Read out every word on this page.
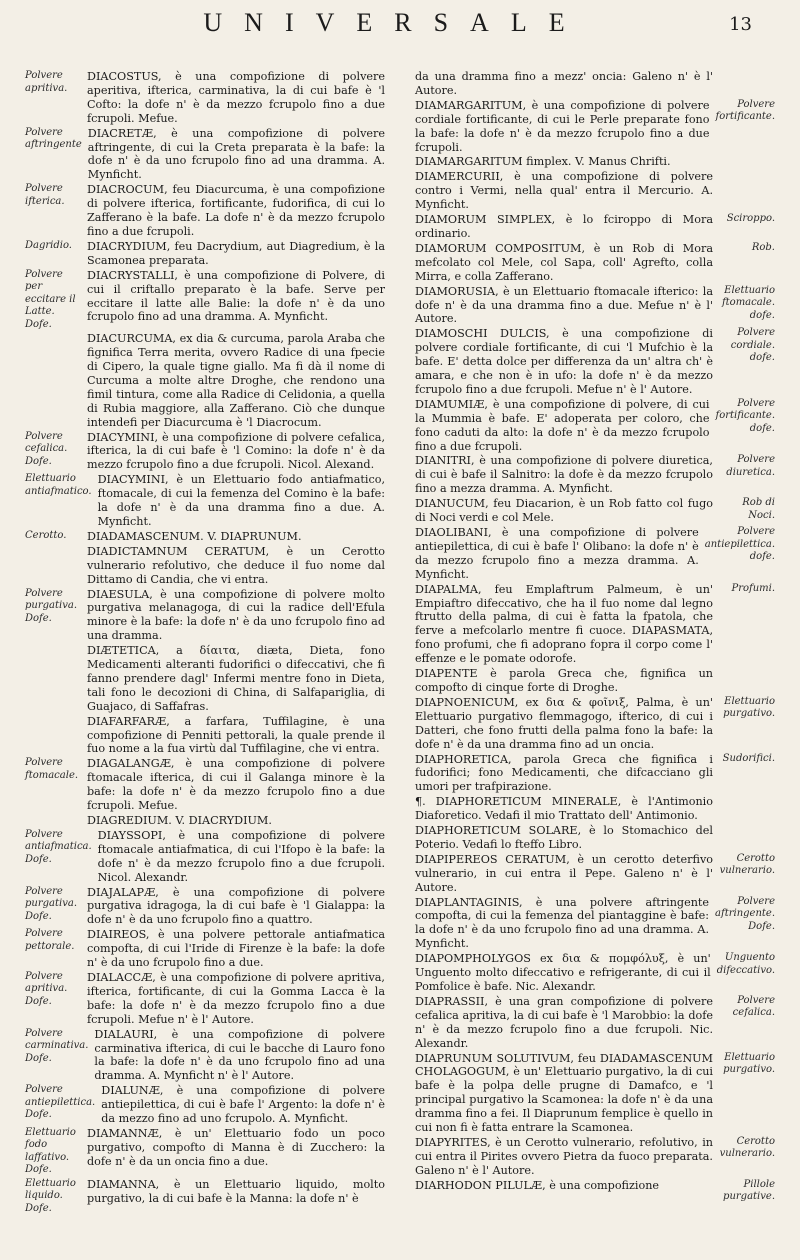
UNIVERSALE	13
Polvere apritiva.
DIACOSTUS, è una compofizione di polvere aperitiva, ifterica, carminativa, la di cui bafe è 'l Cofto: la dofe n' è da mezzo fcrupolo fino a due fcrupoli. Mefue.
Polvere aftringente
DIACRETÆ, è una compofizione di polvere aftringente, di cui la Creta preparata è la bafe: la dofe n' è da uno fcrupolo fino ad una dramma. A. Mynficht.
Polvere ifterica.
DIACROCUM, feu Diacurcuma, è una compofizione di polvere ifterica, fortificante, fudorifica, di cui lo Zafferano è la bafe. La dofe n' è da mezzo fcrupolo fino a due fcrupoli.
Dagridio.	DIACRYDIUM, feu Dacrydium, aut Diagredium, è la Scamonea preparata.
Polvere per eccitare il Latte. Dofe.
DIACRYSTALLI, è una compofizione di Polvere, di cui il criftallo preparato è la bafe. Serve per eccitare il latte alle Balie: la dofe n' è da uno fcrupolo fino ad una dramma. A. Mynficht.
DIACURCUMA, ex dia & curcuma, parola Araba che fignifica Terra merita, ovvero Radice di una fpecie di Cipero, la quale tigne giallo. Ma fi dà il nome di Curcuma a molte altre Droghe, che rendono una fimil tintura, come alla Radice di Celidonia, a quella di Rubia maggiore, alla Zafferano. Ciò che dunque intendefi per Diacurcuma è 'l Diacrocum.
Polvere cefalica. Dofe.
DIACYMINI, è una compofizione di polvere cefalica, ifterica, la di cui bafe è 'l Comino: la dofe n' è da mezzo fcrupolo fino a due fcrupoli. Nicol. Alexand.
Elettuario antiafmatico.
DIACYMINI, è un Elettuario fodo antiafmatico, ftomacale, di cui la femenza del Comino è la bafe: la dofe n' è da una dramma fino a due. A. Mynficht.
Cerotto.	DIADAMASCENUM. V. DIAPRUNUM.
DIADICTAMNUM CERATUM, è un Cerotto vulnerario refolutivo, che deduce il fuo nome dal Dittamo di Candia, che vi entra.
Polvere purgativa. Dofe.
DIAESULA, è una compofizione di polvere molto purgativa melanagoga, di cui la radice dell'Efula minore è la bafe: la dofe n' è da uno fcrupolo fino ad una dramma.
DIÆTETICA, a δίαιτα, diæta, Dieta, fono Medicamenti alteranti fudorifici o difeccativi, che fi fanno prendere dagl' Infermi mentre fono in Dieta, tali fono le decozioni di China, di Salfapariglia, di Guajaco, di Saffafras.
DIAFARFARÆ, a farfara, Tuffilagine, è una compofizione di Penniti pettorali, la quale prende il fuo nome a la fua virtù dal Tuffilagine, che vi entra.
Polvere ftomacale.
DIAGALANGÆ, è una compofizione di polvere ftomacale ifterica, di cui il Galanga minore è la bafe: la dofe n' è da mezzo fcrupolo fino a due fcrupoli. Mefue.
DIAGREDIUM. V. DIACRYDIUM.
Polvere antiafmatica. Dofe.
DIAYSSOPI, è una compofizione di polvere ftomacale antiafmatica, di cui l'Ifopo è la bafe: la dofe n' è da mezzo fcrupolo fino a due fcrupoli. Nicol. Alexandr.
Polvere purgativa. Dofe.
DIAJALAPÆ, è una compofizione di polvere purgativa idragoga, la di cui bafe è 'l Gialappa: la dofe n' è da uno fcrupolo fino a quattro.
Polvere pettorale.
DIAIREOS, è una polvere pettorale antiafmatica compofta, di cui l'Iride di Firenze è la bafe: la dofe n' è da uno fcrupolo fino a due.
Polvere apritiva. Dofe.
DIALACCÆ, è una compofizione di polvere apritiva, ifterica, fortificante, di cui la Gomma Lacca è la bafe: la dofe n' è da mezzo fcrupolo fino a due fcrupoli. Mefue n' è l' Autore.
Polvere carminativa. Dofe.
DIALAURI, è una compofizione di polvere carminativa ifterica, di cui le bacche di Lauro fono la bafe: la dofe n' è da uno fcrupolo fino ad una dramma. A. Mynficht n' è l' Autore.
Polvere antiepilettica. Dofe.
DIALUNÆ, è una compofizione di polvere antiepilettica, di cui è bafe l' Argento: la dofe n' è da mezzo fino ad uno fcrupolo. A. Mynficht.
Elettuario fodo laffativo. Dofe.
DIAMANNÆ, è un' Elettuario fodo un poco purgativo, compofto di Manna è di Zucchero: la dofe n' è da un oncia fino a due.
Elettuario liquido. Dofe.
DIAMANNA, è un Elettuario liquido, molto purgativo, la di cui bafe è la Manna: la dofe n' è
da una dramma fino a mezz' oncia: Galeno n' è l' Autore.
Polvere fortificante.
DIAMARGARITUM, è una compofizione di polvere cordiale fortificante, di cui le Perle preparate fono la bafe: la dofe n' è da mezzo fcrupolo fino a due fcrupoli.
DIAMARGARITUM fimplex. V. Manus Chrifti.
DIAMERCURII, è una compofizione di polvere contro i Vermi, nella qual' entra il Mercurio. A. Mynficht.
Sciroppo.
DIAMORUM SIMPLEX, è lo fciroppo di Mora ordinario.
Rob.
DIAMORUM COMPOSITUM, è un Rob di Mora mefcolato col Mele, col Sapa, coll' Agrefto, colla Mirra, e colla Zafferano.
Elettuario ftomacale. dofe.
DIAMORUSIA, è un Elettuario ftomacale ifterico: la dofe n' è da una dramma fino a due. Mefue n' è l' Autore.
Polvere cordiale. dofe.
DIAMOSCHI DULCIS, è una compofizione di polvere cordiale fortificante, di cui 'l Mufchio è la bafe. E' detta dolce per differenza da un' altra ch' è amara, e che non è in ufo: la dofe n' è da mezzo fcrupolo fino a due fcrupoli. Mefue n' è l' Autore.
Polvere fortificante. dofe.
DIAMUMIÆ, è una compofizione di polvere, di cui la Mummia è bafe. E' adoperata per coloro, che fono caduti da alto: la dofe n' è da mezzo fcrupolo fino a due fcrupoli.
Polvere diuretica.
DIANITRI, è una compofizione di polvere diuretica, di cui è bafe il Salnitro: la dofe è da mezzo fcrupolo fino a mezza dramma. A. Mynficht.
Rob di Noci.
DIANUCUM, feu Diacarion, è un Rob fatto col fugo di Noci verdi e col Mele.
Polvere antiepilettica. dofe.
DIAOLIBANI, è una compofizione di polvere antiepilettica, di cui è bafe l' Olibano: la dofe n' è da mezzo fcrupolo fino a mezza dramma. A. Mynficht.
Profumi.
DIAPALMA, feu Emplaftrum Palmeum, è un' Empiaftro difeccativo, che ha il fuo nome dal legno ftrutto della palma, di cui è fatta la fpatola, che ferve a mefcolarlo mentre fi cuoce. DIAPASMATA, fono profumi, che fi adoprano fopra il corpo come l' effenze e le pomate odorofe.
DIAPENTE è parola Greca che, fignifica un compofto di cinque forte di Droghe.
Elettuario purgativo.
DIAPNOENICUM, ex δια & φοῖνιξ, Palma, è un' Elettuario purgativo flemmagogo, ifterico, di cui i Datteri, che fono frutti della palma fono la bafe: la dofe n' è da una dramma fino ad un oncia.
Sudorifici.
DIAPHORETICA, parola Greca che fignifica i fudorifici; fono Medicamenti, che difcacciano gli umori per trafpirazione.
¶. DIAPHORETICUM MINERALE, è l'Antimonio Diaforetico. Vedafi il mio Trattato dell' Antimonio.
DIAPHORETICUM SOLARE, è lo Stomachico del Poterio. Vedafi lo fteffo Libro.
Cerotto vulnerario.
DIAPIPEREOS CERATUM, è un cerotto deterfivo vulnerario, in cui entra il Pepe. Galeno n' è l' Autore.
Polvere aftringente. Dofe.
DIAPLANTAGINIS, è una polvere aftringente compofta, di cui la femenza del piantaggine è bafe: la dofe n' è da uno fcrupolo fino ad una dramma. A. Mynficht.
Unguento difeccativo.
DIAPOMPHOLYGOS ex δια & πομφόλυξ, è un' Unguento molto difeccativo e refrigerante, di cui il Pomfolice è bafe. Nic. Alexandr.
Polvere cefalica.
DIAPRASSII, è una gran compofizione di polvere cefalica apritiva, la di cui bafe è 'l Marobbio: la dofe n' è da mezzo fcrupolo fino a due fcrupoli. Nic. Alexandr.
Elettuario purgativo.
DIAPRUNUM SOLUTIVUM, feu DIADAMASCENUM CHOLAGOGUM, è un' Elettuario purgativo, la di cui bafe è la polpa delle prugne di Damafco, e 'l principal purgativo la Scamonea: la dofe n' è da una dramma fino a fei. Il Diaprunum femplice è quello in cui non fi è fatta entrare la Scamonea.
Cerotto vulnerario.
DIAPYRITES, è un Cerotto vulnerario, refolutivo, in cui entra il Pirites ovvero Pietra da fuoco preparata. Galeno n' è l' Autore.
Pillole purgative.
DIARHODON PILULÆ, è una compofizione
